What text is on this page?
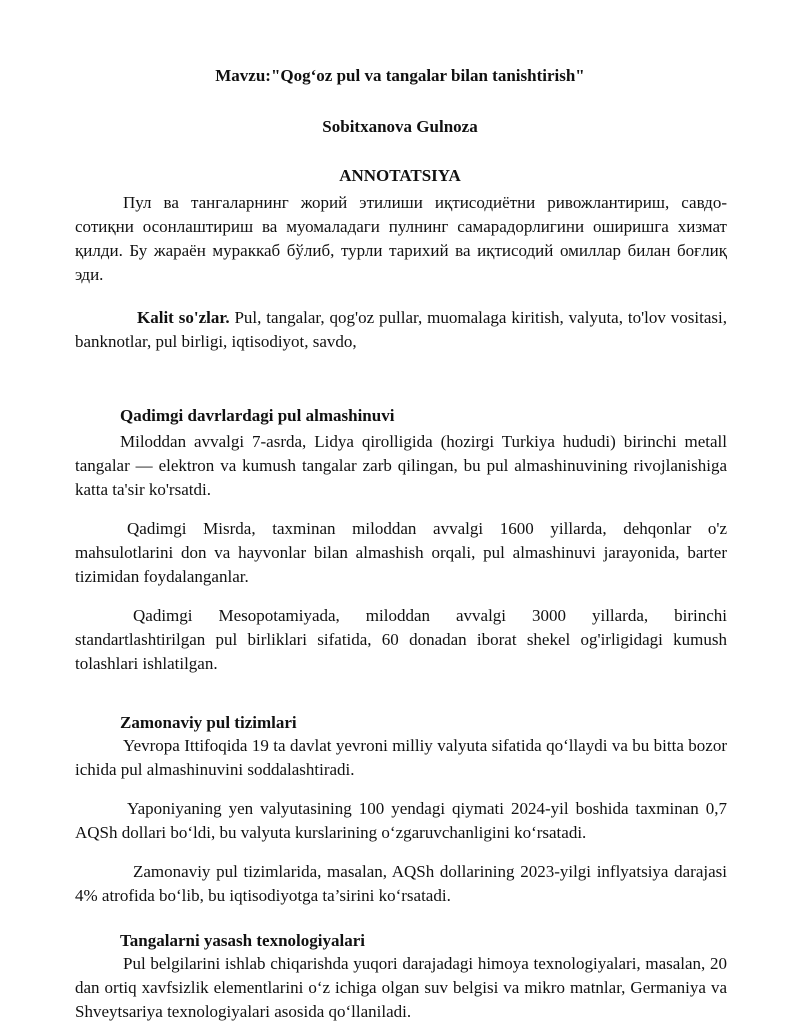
Mavzu:"Qog‘oz pul va tangalar bilan tanishtirish"

Sobitxanova Gulnoza

ANNOTATSIYA

Пул ва тангаларнинг жорий этилиши иқтисодиётни ривожлантириш, савдо-сотиқни осонлаштириш ва муомаладаги пулнинг самарадорлигини оширишга хизмат қилди. Бу жараён мураккаб бўлиб, турли тарихий ва иқтисодий омиллар билан боғлиқ эди.

Kalit so'zlar. Pul, tangalar, qog'oz pullar, muomalaga kiritish, valyuta, to'lov vositasi, banknotlar, pul birligi, iqtisodiyot, savdo,

Qadimgi davrlardagi pul almashinuvi

Miloddan avvalgi 7-asrda, Lidya qirolligida (hozirgi Turkiya hududi) birinchi metall tangalar — elektron va kumush tangalar zarb qilingan, bu pul almashinuvining rivojlanishiga katta ta'sir ko'rsatdi.

Qadimgi Misrda, taxminan miloddan avvalgi 1600 yillarda, dehqonlar o'z mahsulotlarini don va hayvonlar bilan almashish orqali, pul almashinuvi jarayonida, barter tizimidan foydalanganlar.

Qadimgi Mesopotamiyada, miloddan avvalgi 3000 yillarda, birinchi standartlashtirilgan pul birliklari sifatida, 60 donadan iborat shekel og'irligidagi kumush tolashlari ishlatilgan.

Zamonaviy pul tizimlari

Yevropa Ittifoqida 19 ta davlat yevroni milliy valyuta sifatida qo‘llaydi va bu bitta bozor ichida pul almashinuvini soddalashtiradi.

Yaponiyaning yen valyutasining 100 yendagi qiymati 2024-yil boshida taxminan 0,7 AQSh dollari bo‘ldi, bu valyuta kurslarining o‘zgaruvchanligini ko‘rsatadi.

Zamonaviy pul tizimlarida, masalan, AQSh dollarining 2023-yilgi inflyatsiya darajasi 4% atrofida bo‘lib, bu iqtisodiyotga ta’sirini ko‘rsatadi.

Tangalarni yasash texnologiyalari

Pul belgilarini ishlab chiqarishda yuqori darajadagi himoya texnologiyalari, masalan, 20 dan ortiq xavfsizlik elementlarini o‘z ichiga olgan suv belgisi va mikro matnlar, Germaniya va Shveytsariya texnologiyalari asosida qo‘llaniladi.
